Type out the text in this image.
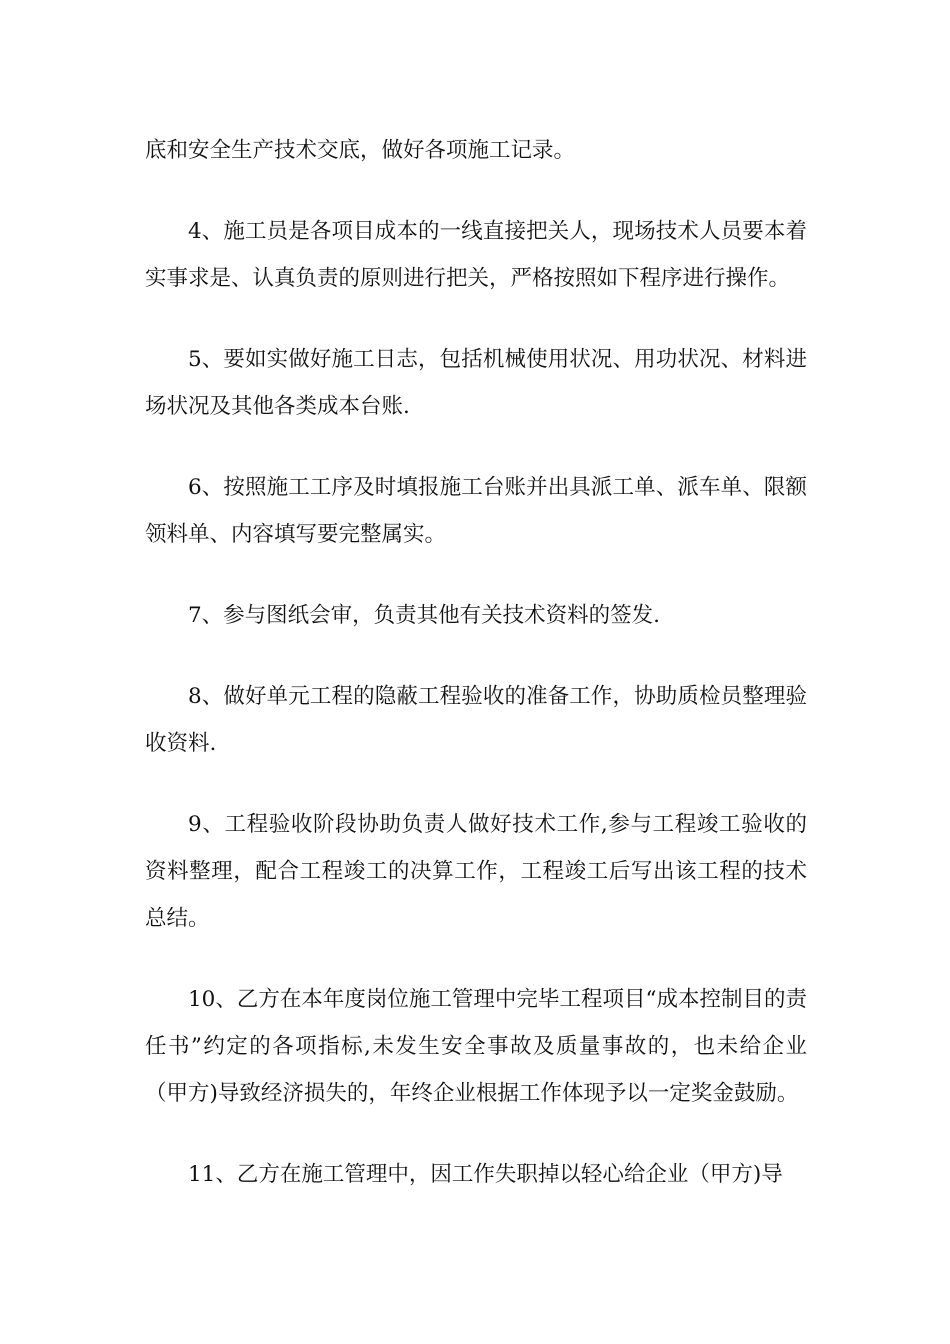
底和安全生产技术交底，做好各项施工记录。

4、施工员是各项目成本的一线直接把关人，现场技术人员要本着实事求是、认真负责的原则进行把关，严格按照如下程序进行操作。

5、要如实做好施工日志，包括机械使用状况、用功状况、材料进场状况及其他各类成本台账.

6、按照施工工序及时填报施工台账并出具派工单、派车单、限额领料单、内容填写要完整属实。

7、参与图纸会审，负责其他有关技术资料的签发.

8、做好单元工程的隐蔽工程验收的准备工作，协助质检员整理验收资料.

9、工程验收阶段协助负责人做好技术工作,参与工程竣工验收的资料整理，配合工程竣工的决算工作，工程竣工后写出该工程的技术总结。

10、乙方在本年度岗位施工管理中完毕工程项目“成本控制目的责任书”约定的各项指标,未发生安全事故及质量事故的，也未给企业（甲方)导致经济损失的，年终企业根据工作体现予以一定奖金鼓励。

11、乙方在施工管理中，因工作失职掉以轻心给企业（甲方)导
